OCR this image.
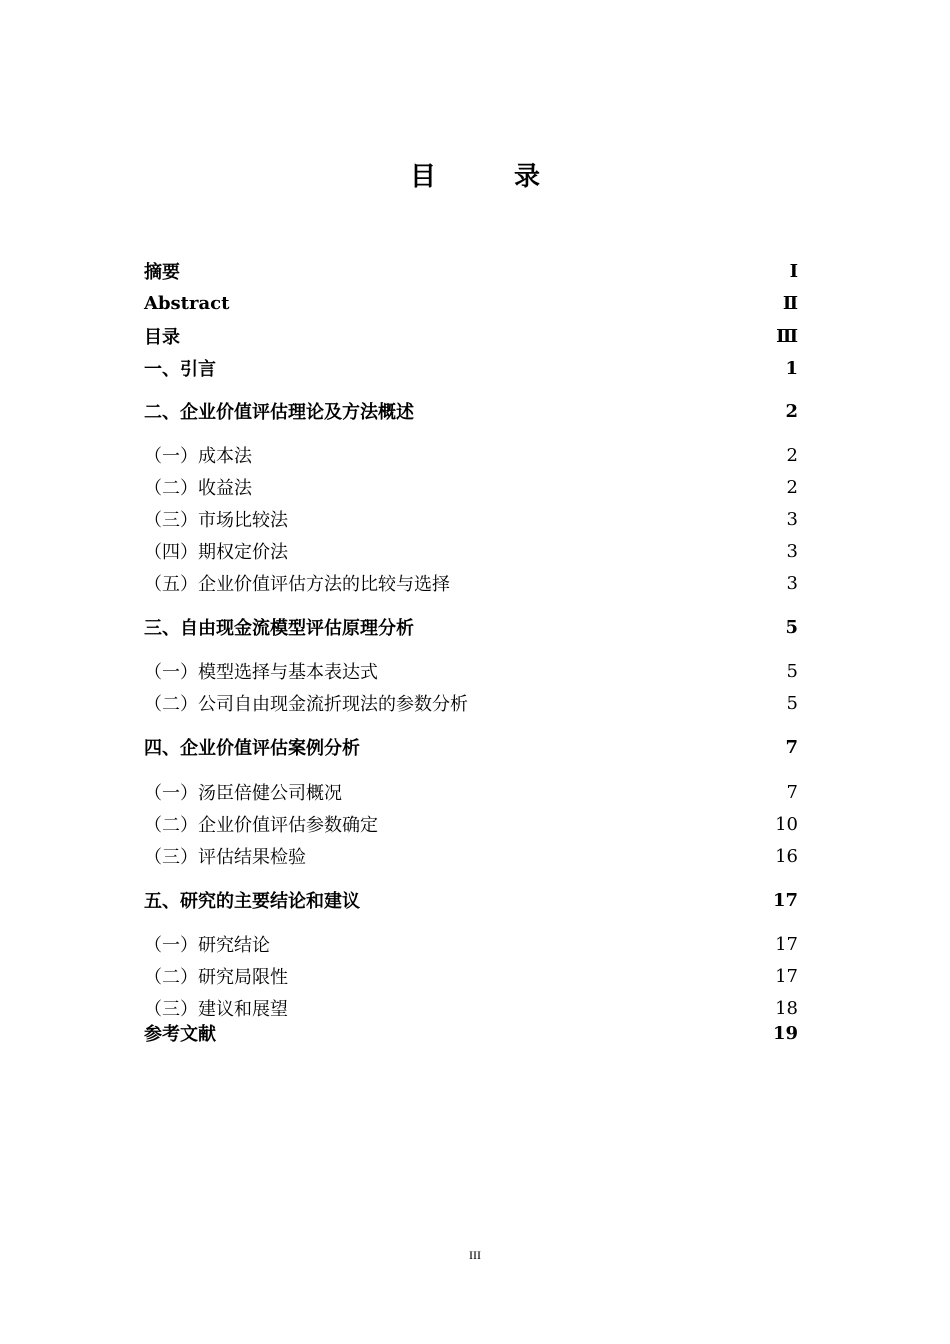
目　录
摘要	Ⅰ
Abstract	Ⅱ
目录	Ⅲ
一、引言	1
二、企业价值评估理论及方法概述	2
（一）成本法	2
（二）收益法	2
（三）市场比较法	3
（四）期权定价法	3
（五）企业价值评估方法的比较与选择	3
三、自由现金流模型评估原理分析	5
（一）模型选择与基本表达式	5
（二）公司自由现金流折现法的参数分析	5
四、企业价值评估案例分析	7
（一）汤臣倍健公司概况	7
（二）企业价值评估参数确定	10
（三）评估结果检验	16
五、研究的主要结论和建议	17
（一）研究结论	17
（二）研究局限性	17
（三）建议和展望	18
参考文献	19
III
